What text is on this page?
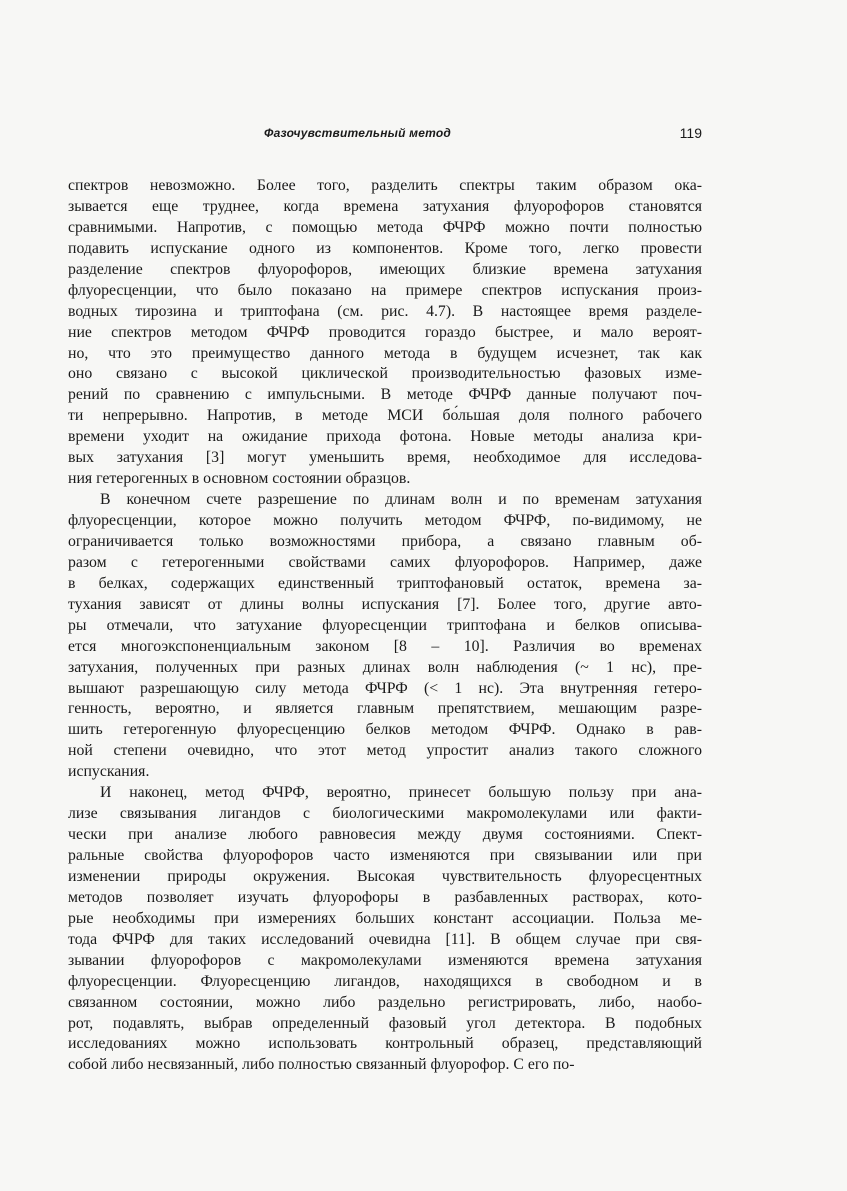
Фазочувствительный метод	119
спектров невозможно. Более того, разделить спектры таким образом ока-
зывается еще труднее, когда времена затухания флуорофоров становятся
сравнимыми. Напротив, с помощью метода ФЧРФ можно почти полностью
подавить испускание одного из компонентов. Кроме того, легко провести
разделение спектров флуорофоров, имеющих близкие времена затухания
флуоресценции, что было показано на примере спектров испускания произ-
водных тирозина и триптофана (см. рис. 4.7). В настоящее время разделе-
ние спектров методом ФЧРФ проводится гораздо быстрее, и мало вероят-
но, что это преимущество данного метода в будущем исчезнет, так как
оно связано с высокой циклической производительностью фазовых изме-
рений по сравнению с импульсными. В методе ФЧРФ данные получают поч-
ти непрерывно. Напротив, в методе МСИ бо́льшая доля полного рабочего
времени уходит на ожидание прихода фотона. Новые методы анализа кри-
вых затухания [3] могут уменьшить время, необходимое для исследова-
ния гетерогенных в основном состоянии образцов.
В конечном счете разрешение по длинам волн и по временам затухания
флуоресценции, которое можно получить методом ФЧРФ, по-видимому, не
ограничивается только возможностями прибора, а связано главным об-
разом с гетерогенными свойствами самих флуорофоров. Например, даже
в белках, содержащих единственный триптофановый остаток, времена за-
тухания зависят от длины волны испускания [7]. Более того, другие авто-
ры отмечали, что затухание флуоресценции триптофана и белков описыва-
ется многоэкспоненциальным законом [8 – 10]. Различия во временах
затухания, полученных при разных длинах волн наблюдения (~ 1 нс), пре-
вышают разрешающую силу метода ФЧРФ (< 1 нс). Эта внутренняя гетеро-
генность, вероятно, и является главным препятствием, мешающим разре-
шить гетерогенную флуоресценцию белков методом ФЧРФ. Однако в рав-
ной степени очевидно, что этот метод упростит анализ такого сложного
испускания.
И наконец, метод ФЧРФ, вероятно, принесет большую пользу при ана-
лизе связывания лигандов с биологическими макромолекулами или факти-
чески при анализе любого равновесия между двумя состояниями. Спект-
ральные свойства флуорофоров часто изменяются при связывании или при
изменении природы окружения. Высокая чувствительность флуоресцентных
методов позволяет изучать флуорофоры в разбавленных растворах, кото-
рые необходимы при измерениях больших констант ассоциации. Польза ме-
тода ФЧРФ для таких исследований очевидна [11]. В общем случае при свя-
зывании флуорофоров с макромолекулами изменяются времена затухания
флуоресценции. Флуоресценцию лигандов, находящихся в свободном и в
связанном состоянии, можно либо раздельно регистрировать, либо, наобо-
рот, подавлять, выбрав определенный фазовый угол детектора. В подобных
исследованиях можно использовать контрольный образец, представляющий
собой либо несвязанный, либо полностью связанный флуорофор. С его по-
